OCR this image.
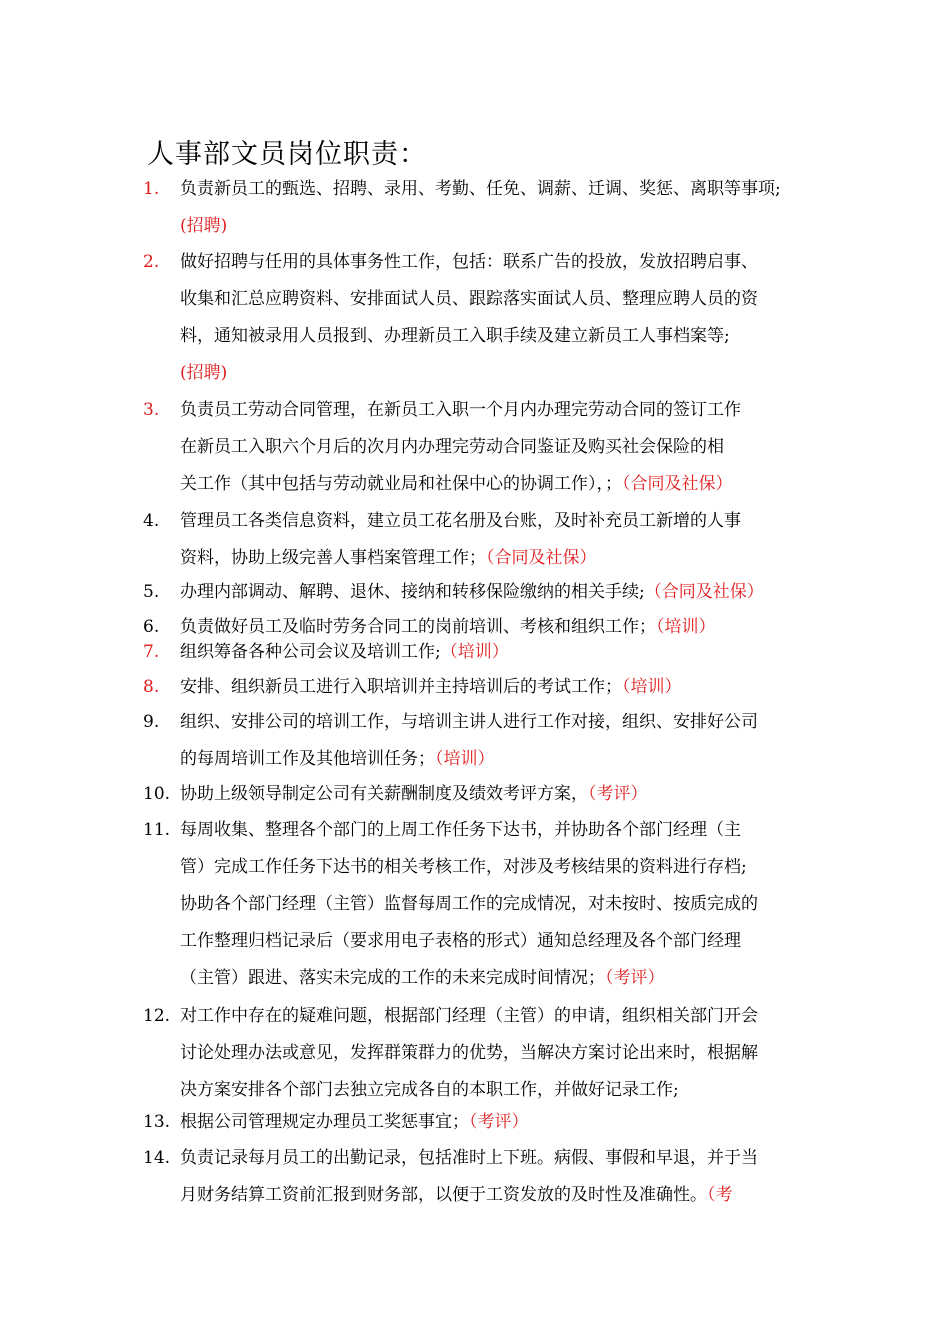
人事部文员岗位职责：
1. 负责新员工的甄选、招聘、录用、考勤、任免、调薪、迁调、奖惩、离职等事项;
(招聘)
2. 做好招聘与任用的具体事务性工作，包括：联系广告的投放，发放招聘启事、
收集和汇总应聘资料、安排面试人员、跟踪落实面试人员、整理应聘人员的资
料，通知被录用人员报到、办理新员工入职手续及建立新员工人事档案等;
(招聘)
3. 负责员工劳动合同管理，在新员工入职一个月内办理完劳动合同的签订工作
在新员工入职六个月后的次月内办理完劳动合同鉴证及购买社会保险的相
关工作（其中包括与劳动就业局和社保中心的协调工作），；（合同及社保）
4. 管理员工各类信息资料，建立员工花名册及台账，及时补充员工新增的人事
资料，协助上级完善人事档案管理工作；（合同及社保）
5. 办理内部调动、解聘、退休、接纳和转移保险缴纳的相关手续;（合同及社保）
6. 负责做好员工及临时劳务合同工的岗前培训、考核和组织工作；（培训）
7. 组织筹备各种公司会议及培训工作;（培训）
8. 安排、组织新员工进行入职培训并主持培训后的考试工作；（培训）
9. 组织、安排公司的培训工作，与培训主讲人进行工作对接，组织、安排好公司
的每周培训工作及其他培训任务；（培训）
10. 协助上级领导制定公司有关薪酬制度及绩效考评方案，（考评）
11. 每周收集、整理各个部门的上周工作任务下达书，并协助各个部门经理（主
管）完成工作任务下达书的相关考核工作，对涉及考核结果的资料进行存档;
协助各个部门经理（主管）监督每周工作的完成情况，对未按时、按质完成的
工作整理归档记录后（要求用电子表格的形式）通知总经理及各个部门经理
（主管）跟进、落实未完成的工作的未来完成时间情况；（考评）
12. 对工作中存在的疑难问题，根据部门经理（主管）的申请，组织相关部门开会
讨论处理办法或意见，发挥群策群力的优势，当解决方案讨论出来时，根据解
决方案安排各个部门去独立完成各自的本职工作，并做好记录工作;
13. 根据公司管理规定办理员工奖惩事宜；（考评）
14. 负责记录每月员工的出勤记录，包括准时上下班。病假、事假和早退，并于当
月财务结算工资前汇报到财务部，以便于工资发放的及时性及准确性。（考
